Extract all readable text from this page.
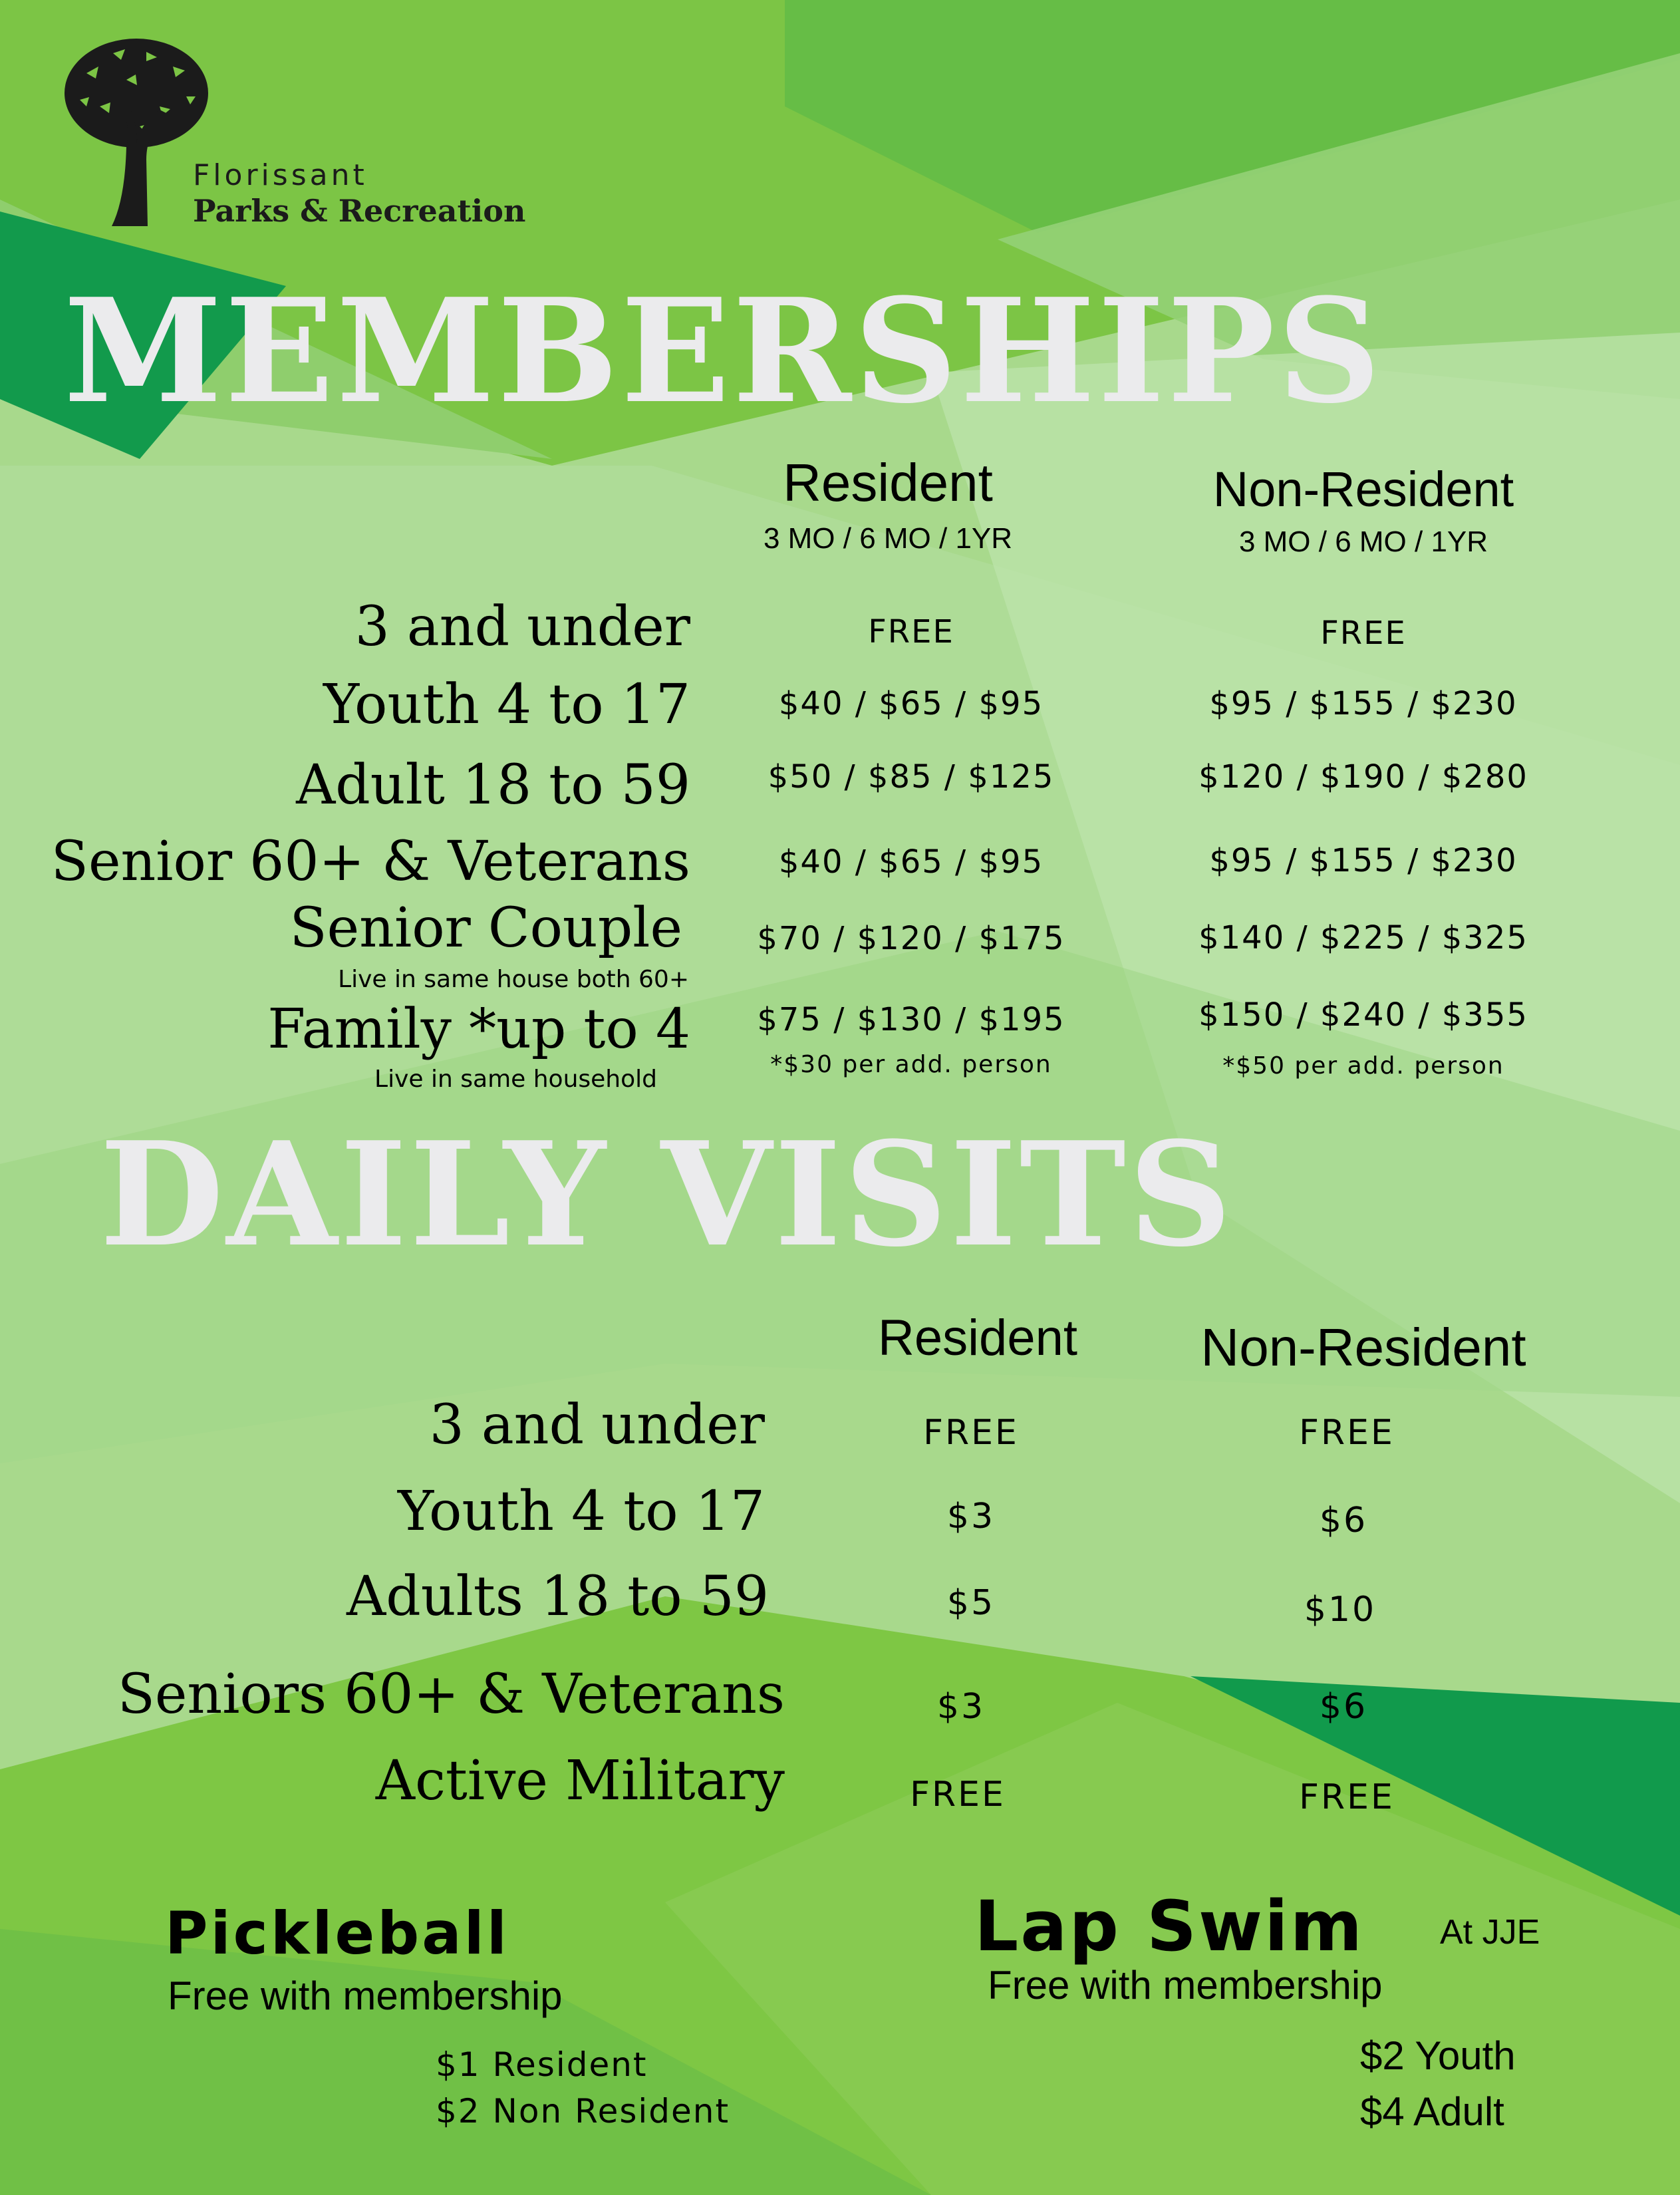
Florissant
Parks & Recreation
MEMBERSHIPS
Resident
3 MO / 6 MO / 1YR
Non-Resident
3 MO / 6 MO / 1YR
3 and under
Youth 4 to 17
Adult 18 to 59
Senior 60+ & Veterans
Senior Couple
Live in same house both 60+
Family *up to 4
Live in same household
FREE
$40 / $65 / $95
$50 / $85 / $125
$40 / $65 / $95
$70 / $120 / $175
$75 / $130 / $195
*$30 per add. person
FREE
$95 / $155 / $230
$120 / $190 / $280
$95 / $155 / $230
$140 / $225 / $325
$150 / $240 / $355
*$50 per add. person
DAILY VISITS
Resident	Non-Resident
3 and under
Youth 4 to 17
Adults 18 to 59
Seniors 60+ & Veterans
Active Military
FREE
$3
$5
$3
FREE
FREE
$6
$10
$6
FREE
Pickleball
Free with membership
$1 Resident
$2 Non Resident
Lap Swim At JJE
Free with membership
$2 Youth
$4 Adult
